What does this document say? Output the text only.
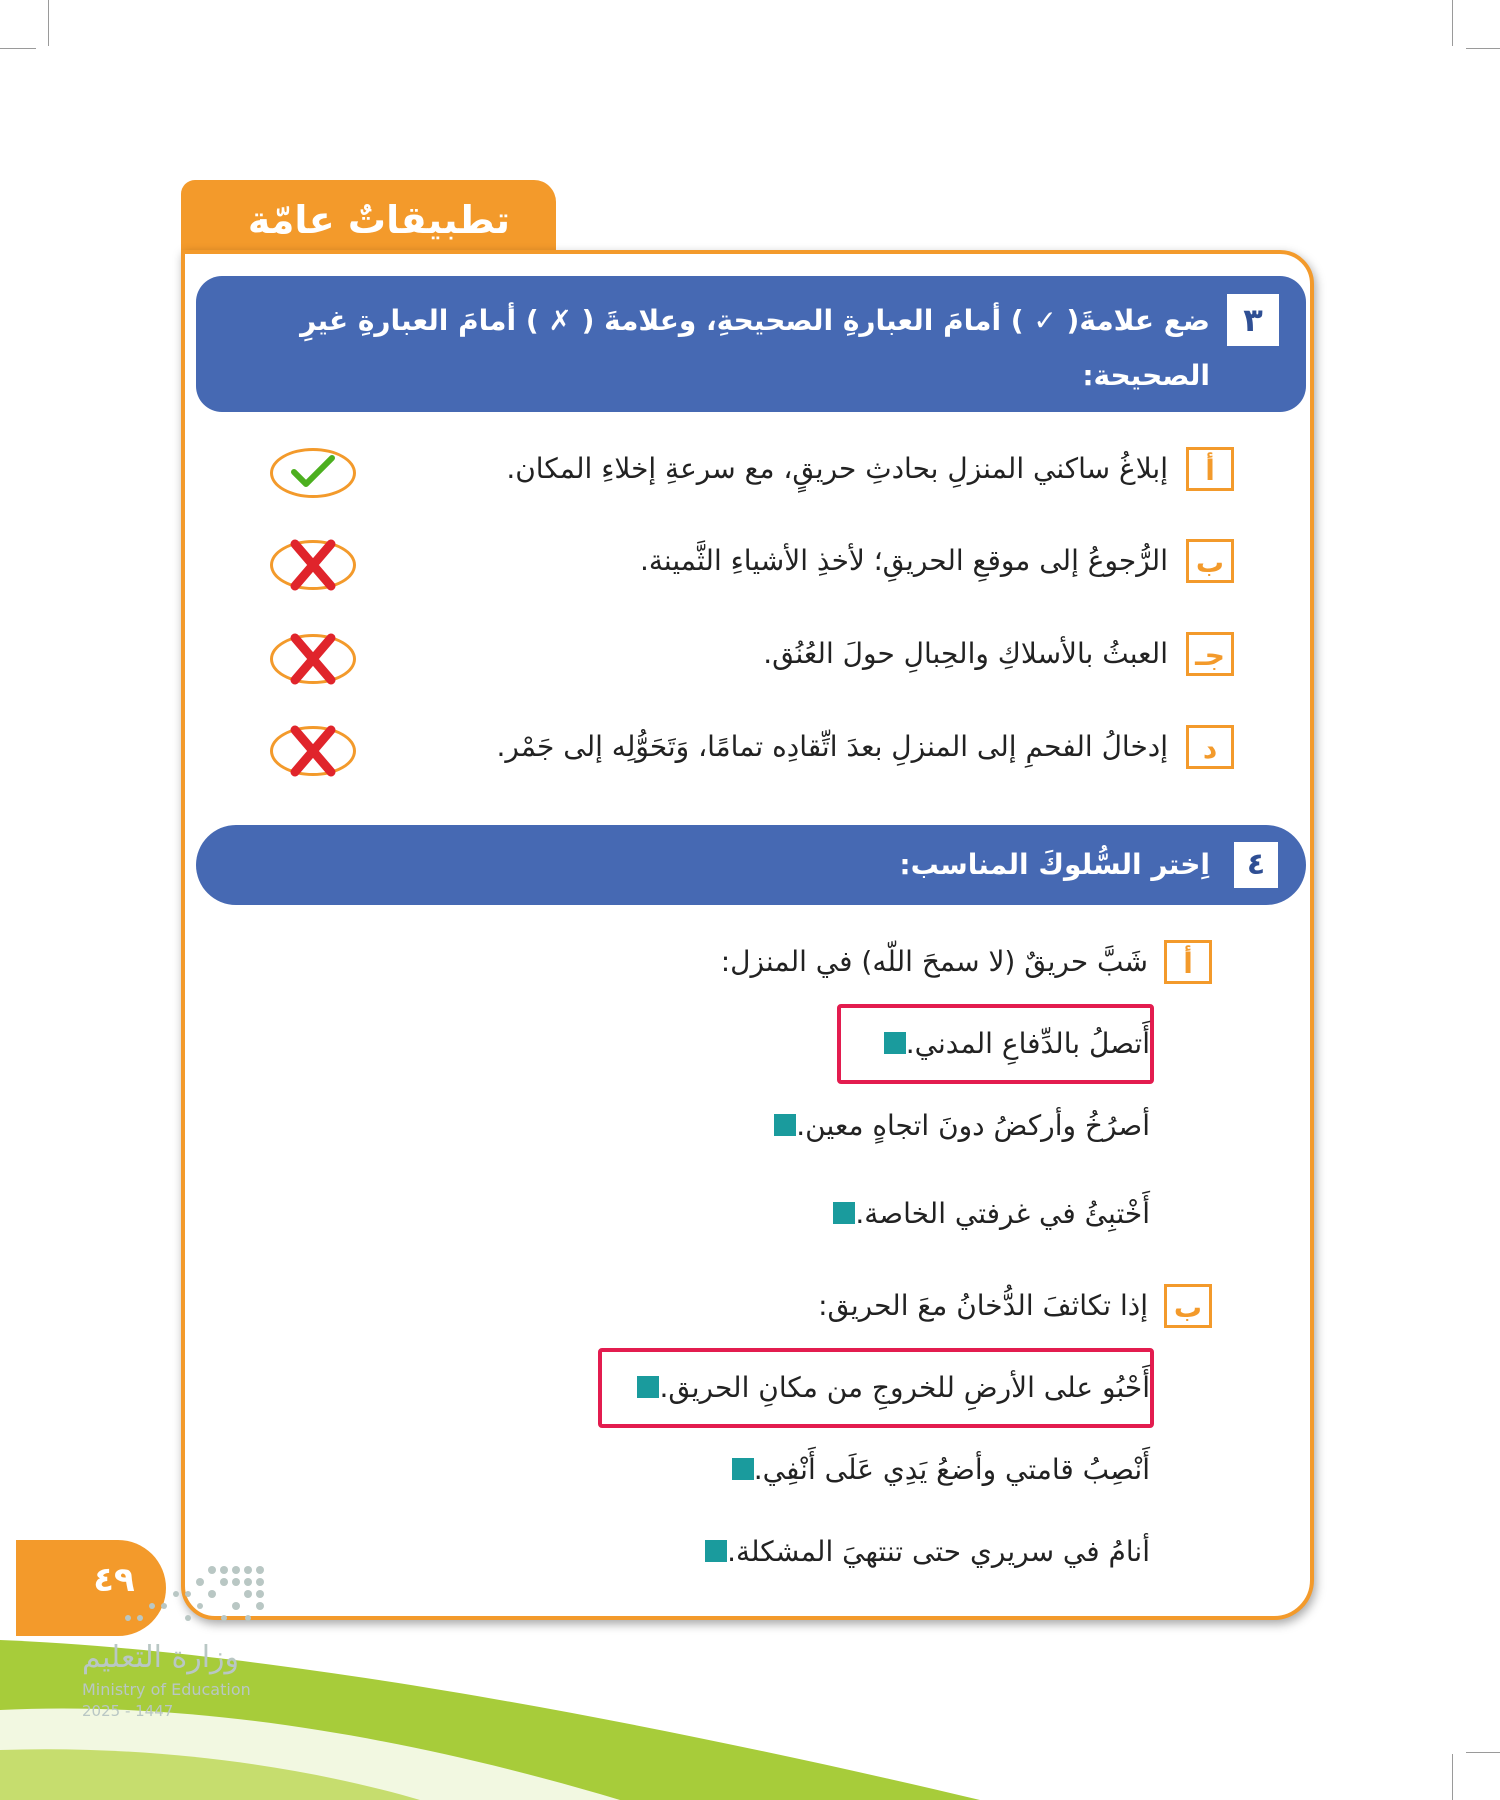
تطبيقاتٌ عامّة
٣
ضع علامةَ( ✓ ) أمامَ العبارةِ الصحيحةِ، وعلامةَ ( ✗ ) أمامَ العبارةِ غيرِ
الصحيحة:
أ
إبلاغُ ساكني المنزلِ بحادثِ حريقٍ، مع سرعةِ إخلاءِ المكان.
ب
الرُّجوعُ إلى موقعِ الحريقِ؛ لأخذِ الأشياءِ الثَّمينة.
جـ
العبثُ بالأسلاكِ والحِبالِ حولَ العُنُق.
د
إدخالُ الفحمِ إلى المنزلِ بعدَ اتِّقادِه تمامًا، وَتَحَوُّلِه إلى جَمْر.
٤
اِختر السُّلوكَ المناسب:
أ
شَبَّ حريقٌ (لا سمحَ اللّه) في المنزل:
أَتصلُ بالدِّفاعِ المدني.
أصرُخُ وأركضُ دونَ اتجاهٍ معين.
أَخْتبِئُ في غرفتي الخاصة.
ب
إذا تكاثفَ الدُّخانُ معَ الحريق:
أَحْبُو على الأرضِ للخروجِ من مكانِ الحريق.
أَنْصِبُ قامتي وأضعُ يَدِي عَلَى أَنْفِي.
أنامُ في سريري حتى تنتهيَ المشكلة.
٤٩
وزارة التعليم
Ministry of Education
2025 - 1447
